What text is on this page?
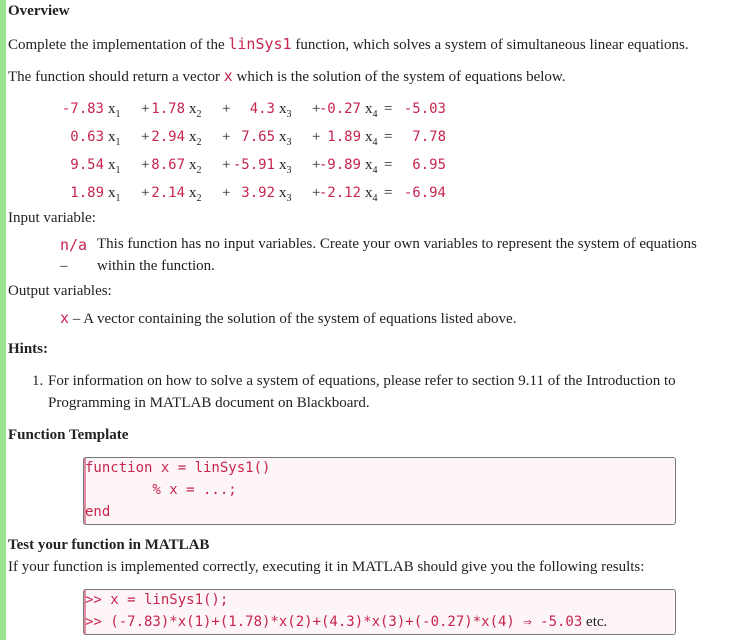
Overview

Complete the implementation of the linSys1 function, which solves a system of simultaneous linear equations.

The function should return a vector x which is the solution of the system of equations below.

-7.83 $x_1 + 1.78$ $x_2 + 4.3$ $x_3$ +
-0.27 $x_4 = -5.03$
0.63 $x_1 + 2.94$ $x_2 + 7.65$ $x_3 + 1.89$ $x_4 = 7.78$
9.54 $x_1 + 8.67$ $x_2 + -5.91$ $x_3$ +
-9.89 $x_4 = 6.95$
1.89 $x_1 + 2.14$ $x_2 + 3.92$ $x_3$ +
-2.12 $x_4 = -6.94$

Input variable:

n/a
–
This function has no input variables. Create your own variables to represent the system of equations
within the function.

Output variables:

x – A vector containing the solution of the system of equations listed above.
Hints:
1. For information on how to solve a system of equations, please refer to section 9.11 of the Introduction to
Programming in MATLAB document on Blackboard.
Function Template
function x = linSys1()
% x = ...;
end
Test your function in MATLAB

If your function is implemented correctly, executing it in MATLAB should give you the following results:

>> x = linSys1();
>> (-7.83)*x(1)+(1.78)*x(2)+(4.3)*x(3)+(-0.27)*x(4) ⇒ -5.03 etc.
